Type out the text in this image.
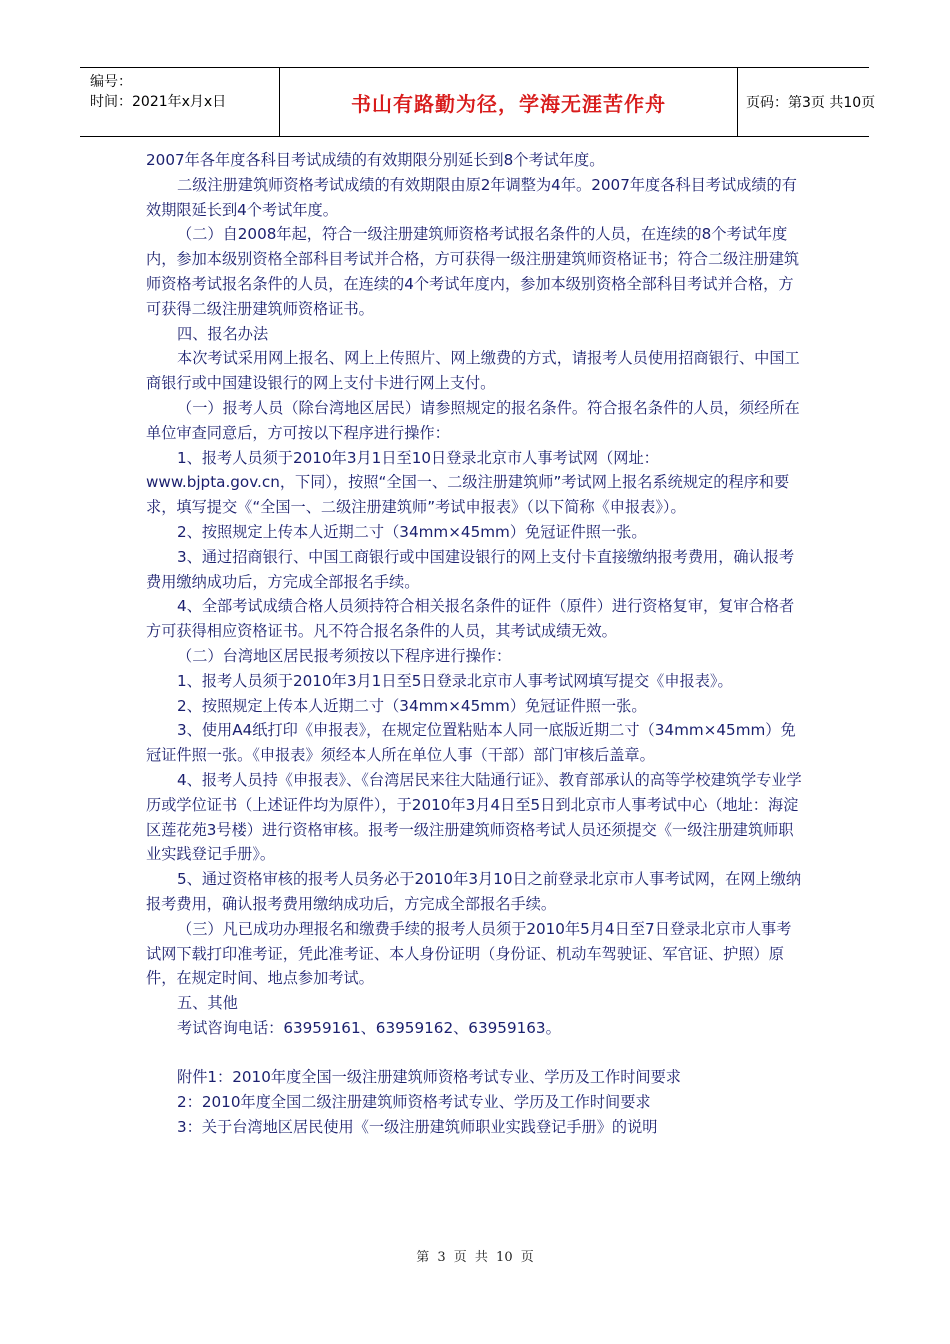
编号：
时间：2021年x月x日	书山有路勤为径，学海无涯苦作舟	页码：第3页 共10页

2007年各年度各科目考试成绩的有效期限分别延长到8个考试年度。

二级注册建筑师资格考试成绩的有效期限由原2年调整为4年。2007年度各科目考试成绩的有效期限延长到4个考试年度。

（二）自2008年起，符合一级注册建筑师资格考试报名条件的人员，在连续的8个考试年度内，参加本级别资格全部科目考试并合格，方可获得一级注册建筑师资格证书；符合二级注册建筑师资格考试报名条件的人员，在连续的4个考试年度内，参加本级别资格全部科目考试并合格，方可获得二级注册建筑师资格证书。

四、报名办法

本次考试采用网上报名、网上上传照片、网上缴费的方式，请报考人员使用招商银行、中国工商银行或中国建设银行的网上支付卡进行网上支付。

（一）报考人员（除台湾地区居民）请参照规定的报名条件。符合报名条件的人员，须经所在单位审查同意后，方可按以下程序进行操作：

1、报考人员须于2010年3月1日至10日登录北京市人事考试网（网址：www.bjpta.gov.cn，下同），按照“全国一、二级注册建筑师”考试网上报名系统规定的程序和要求，填写提交《“全国一、二级注册建筑师”考试申报表》（以下简称《申报表》）。

2、按照规定上传本人近期二寸（34mm×45mm）免冠证件照一张。

3、通过招商银行、中国工商银行或中国建设银行的网上支付卡直接缴纳报考费用，确认报考费用缴纳成功后，方完成全部报名手续。

4、全部考试成绩合格人员须持符合相关报名条件的证件（原件）进行资格复审，复审合格者方可获得相应资格证书。凡不符合报名条件的人员，其考试成绩无效。

（二）台湾地区居民报考须按以下程序进行操作：

1、报考人员须于2010年3月1日至5日登录北京市人事考试网填写提交《申报表》。

2、按照规定上传本人近期二寸（34mm×45mm）免冠证件照一张。

3、使用A4纸打印《申报表》，在规定位置粘贴本人同一底版近期二寸（34mm×45mm）免冠证件照一张。《申报表》须经本人所在单位人事（干部）部门审核后盖章。

4、报考人员持《申报表》、《台湾居民来往大陆通行证》、教育部承认的高等学校建筑学专业学历或学位证书（上述证件均为原件），于2010年3月4日至5日到北京市人事考试中心（地址：海淀区莲花苑3号楼）进行资格审核。报考一级注册建筑师资格考试人员还须提交《一级注册建筑师职业实践登记手册》。

5、通过资格审核的报考人员务必于2010年3月10日之前登录北京市人事考试网，在网上缴纳报考费用，确认报考费用缴纳成功后，方完成全部报名手续。

（三）凡已成功办理报名和缴费手续的报考人员须于2010年5月4日至7日登录北京市人事考试网下载打印准考证，凭此准考证、本人身份证明（身份证、机动车驾驶证、军官证、护照）原件，在规定时间、地点参加考试。

五、其他

考试咨询电话：63959161、63959162、63959163。

附件1：2010年度全国一级注册建筑师资格考试专业、学历及工作时间要求

2：2010年度全国二级注册建筑师资格考试专业、学历及工作时间要求

3：关于台湾地区居民使用《一级注册建筑师职业实践登记手册》的说明

第 3 页 共 10 页
